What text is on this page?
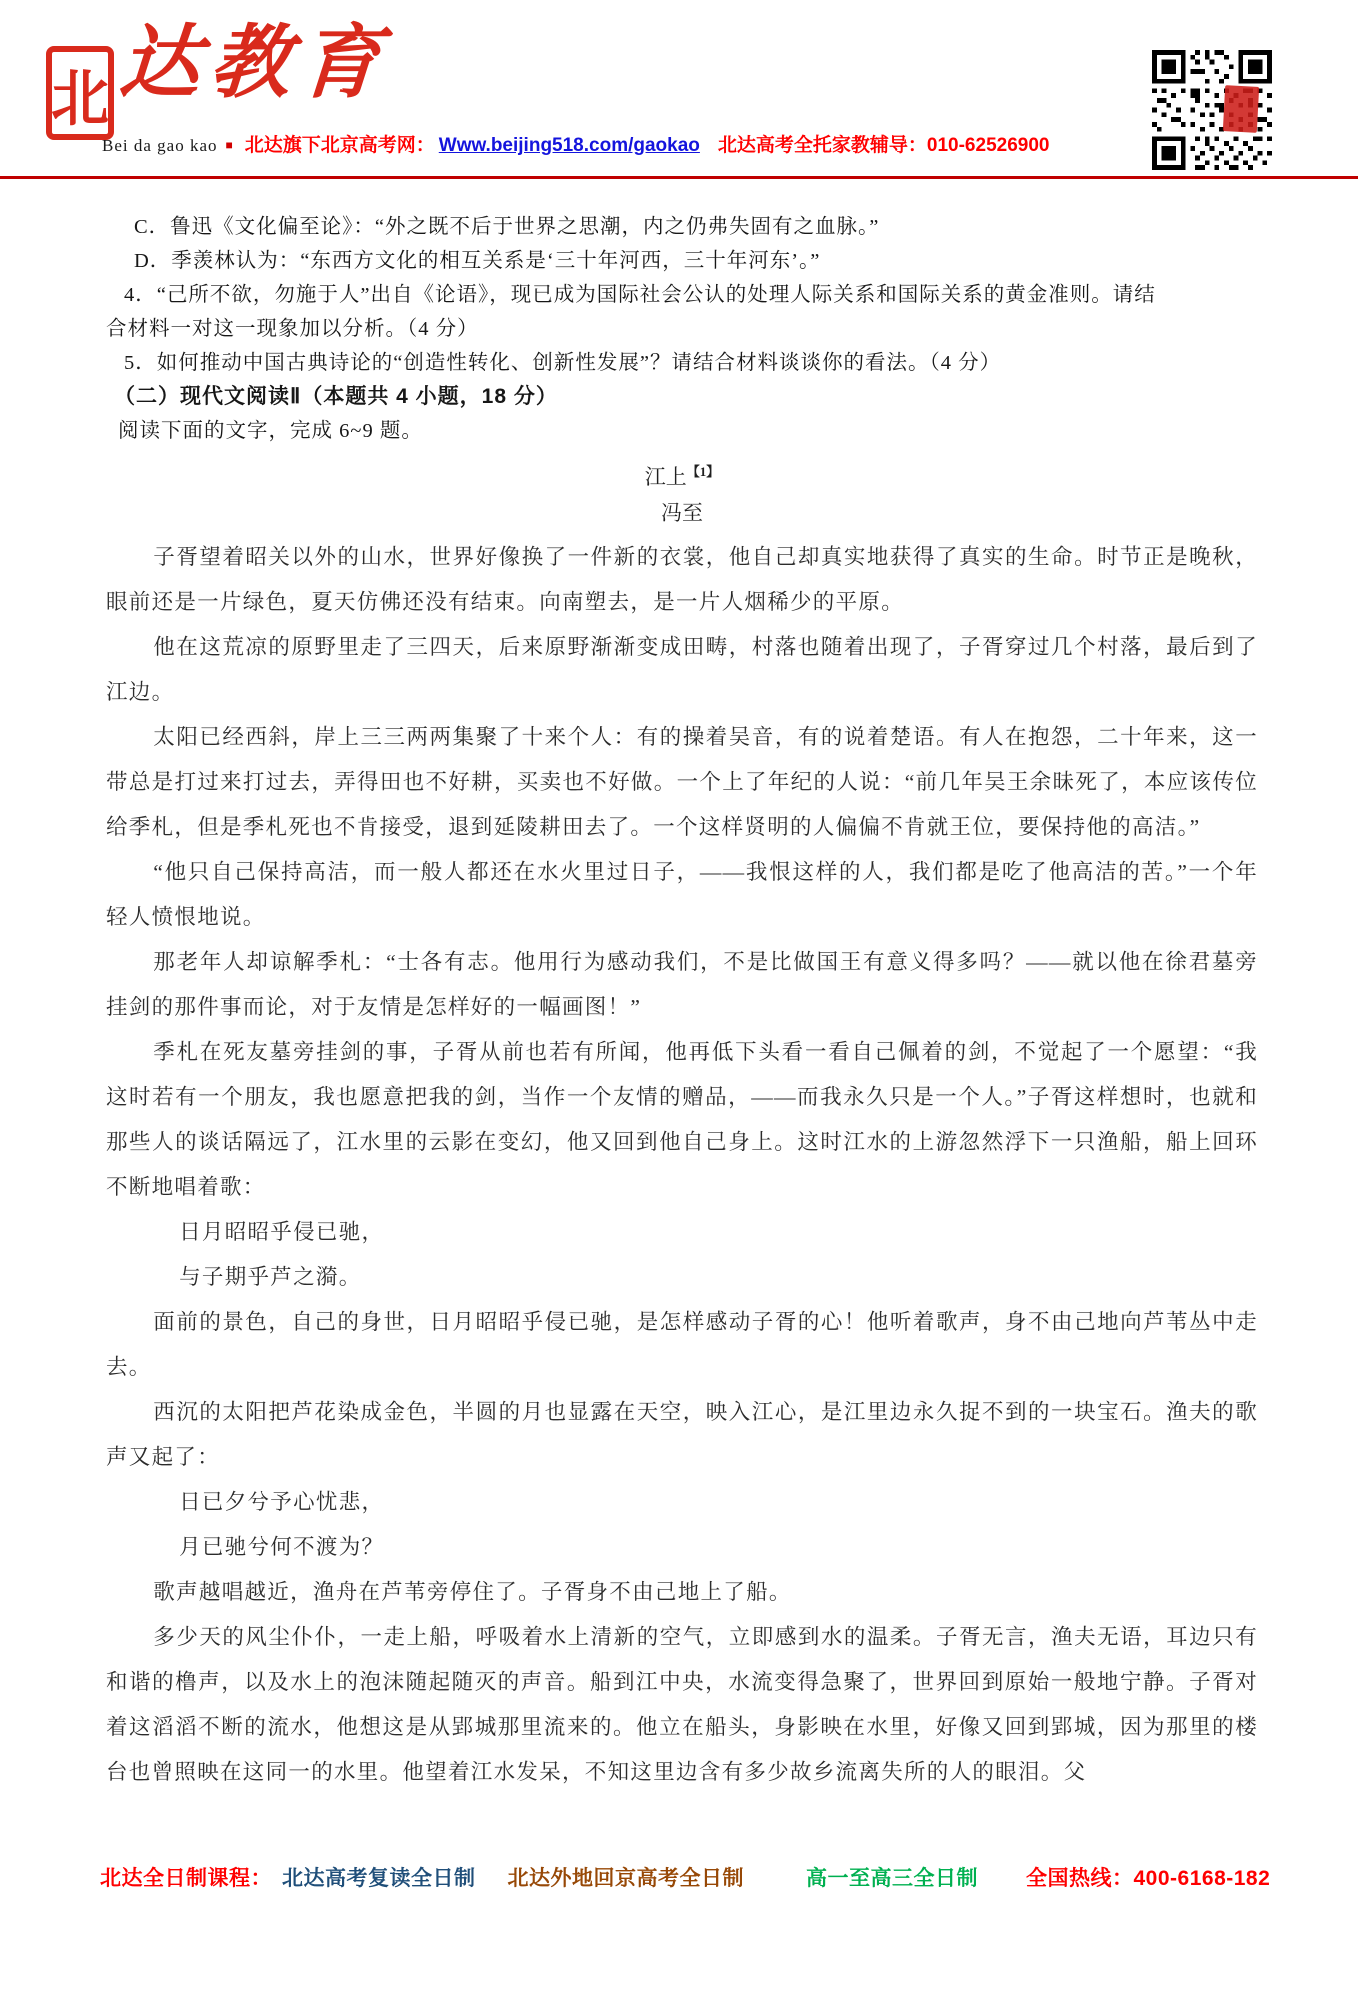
北 达教育
Bei da gao kao ■ 北达旗下北京高考网： Www.beijing518.com/gaokao 北达高考全托家教辅导：010-62526900
C．鲁迅《文化偏至论》：“外之既不后于世界之思潮，内之仍弗失固有之血脉。”
D．季羡林认为：“东西方文化的相互关系是‘三十年河西，三十年河东’。”
4．“己所不欲，勿施于人”出自《论语》，现已成为国际社会公认的处理人际关系和国际关系的黄金准则。请结
合材料一对这一现象加以分析。（4 分）
5．如何推动中国古典诗论的“创造性转化、创新性发展”？请结合材料谈谈你的看法。（4 分）
（二）现代文阅读Ⅱ（本题共 4 小题，18 分）
阅读下面的文字，完成 6~9 题。
江上$^{【1】}$
冯至

子胥望着昭关以外的山水，世界好像换了一件新的衣裳，他自己却真实地获得了真实的生命。时节正是晚秋，眼前还是一片绿色，夏天仿佛还没有结束。向南塑去，是一片人烟稀少的平原。

他在这荒凉的原野里走了三四天，后来原野渐渐变成田畴，村落也随着出现了，子胥穿过几个村落，最后到了江边。

太阳已经西斜，岸上三三两两集聚了十来个人：有的操着吴音，有的说着楚语。有人在抱怨，二十年来，这一带总是打过来打过去，弄得田也不好耕，买卖也不好做。一个上了年纪的人说：“前几年吴王余昧死了，本应该传位给季札，但是季札死也不肯接受，退到延陵耕田去了。一个这样贤明的人偏偏不肯就王位，要保持他的高洁。”

“他只自己保持高洁，而一般人都还在水火里过日子，——我恨这样的人，我们都是吃了他高洁的苦。”一个年轻人愤恨地说。

那老年人却谅解季札：“士各有志。他用行为感动我们，不是比做国王有意义得多吗？——就以他在徐君墓旁挂剑的那件事而论，对于友情是怎样好的一幅画图！”

季札在死友墓旁挂剑的事，子胥从前也若有所闻，他再低下头看一看自己佩着的剑，不觉起了一个愿望：“我这时若有一个朋友，我也愿意把我的剑，当作一个友情的赠品，——而我永久只是一个人。”子胥这样想时，也就和那些人的谈话隔远了，江水里的云影在变幻，他又回到他自己身上。这时江水的上游忽然浮下一只渔船，船上回环不断地唱着歌：

日月昭昭乎侵已驰，

与子期乎芦之漪。

面前的景色，自己的身世，日月昭昭乎侵已驰，是怎样感动子胥的心！他听着歌声，身不由己地向芦苇丛中走去。

西沉的太阳把芦花染成金色，半圆的月也显露在天空，映入江心，是江里边永久捉不到的一块宝石。渔夫的歌声又起了：

日已夕兮予心忧悲，

月已驰兮何不渡为？

歌声越唱越近，渔舟在芦苇旁停住了。子胥身不由己地上了船。

多少天的风尘仆仆，一走上船，呼吸着水上清新的空气，立即感到水的温柔。子胥无言，渔夫无语，耳边只有和谐的橹声，以及水上的泡沫随起随灭的声音。船到江中央，水流变得急聚了，世界回到原始一般地宁静。子胥对着这滔滔不断的流水，他想这是从郢城那里流来的。他立在船头，身影映在水里，好像又回到郢城，因为那里的楼台也曾照映在这同一的水里。他望着江水发呆，不知这里边含有多少故乡流离失所的人的眼泪。父

北达全日制课程： 北达高考复读全日制 北达外地回京高考全日制	高一至高三全日制 全国热线：400-6168-182
